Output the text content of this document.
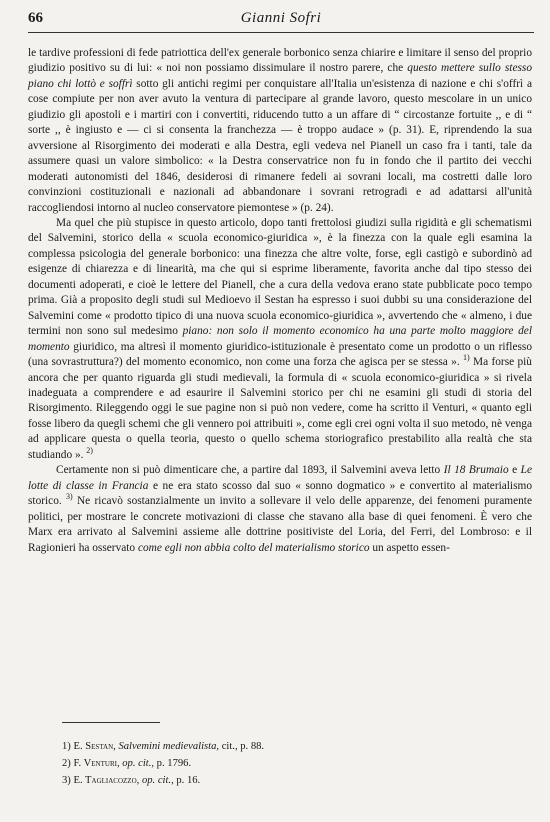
66	Gianni Sofri

le tardive professioni di fede patriottica dell'ex generale borbonico senza chiarire e limitare il senso del proprio giudizio positivo su di lui: « noi non possiamo dissimulare il nostro parere, che questo mettere sullo stesso piano chi lottò e soffrì sotto gli antichi regimi per conquistare all'Italia un'esistenza di nazione e chi s'offrì a cose compiute per non aver avuto la ventura di partecipare al grande lavoro, questo mescolare in un unico giudizio gli apostoli e i martiri con i convertiti, riducendo tutto a un affare di “ circostanze fortuite ,, e di “ sorte ,, è ingiusto e — ci si consenta la franchezza — è troppo audace » (p. 31). E, riprendendo la sua avversione al Risorgimento dei moderati e alla Destra, egli vedeva nel Pianell un caso fra i tanti, tale da assumere quasi un valore simbolico: « la Destra conservatrice non fu in fondo che il partito dei vecchi moderati autonomisti del 1846, desiderosi di rimanere fedeli ai sovrani locali, ma costretti dalle loro convinzioni costituzionali e nazionali ad abbandonare i sovrani retrogradi e ad adattarsi all'unità raccogliendosi intorno al nucleo conservatore piemontese » (p. 24).

Ma quel che più stupisce in questo articolo, dopo tanti frettolosi giudizi sulla rigidità e gli schematismi del Salvemini, storico della « scuola economico-giuridica », è la finezza con la quale egli esamina la complessa psicologia del generale borbonico: una finezza che altre volte, forse, egli castigò e subordinò ad esigenze di chiarezza e di linearità, ma che qui si esprime liberamente, favorita anche dal tipo stesso dei documenti adoperati, e cioè le lettere del Pianell, che a cura della vedova erano state pubblicate poco tempo prima. Già a proposito degli studi sul Medioevo il Sestan ha espresso i suoi dubbi su una considerazione del Salvemini come « prodotto tipico di una nuova scuola economico-giuridica », avvertendo che « almeno, i due termini non sono sul medesimo piano: non solo il momento economico ha una parte molto maggiore del momento giuridico, ma altresì il momento giuridico-istituzionale è presentato come un prodotto o un riflesso (una sovrastruttura?) del momento economico, non come una forza che agisca per se stessa ». $^{1)}$ Ma forse più ancora che per quanto riguarda gli studi medievali, la formula di « scuola economico-giuridica » si rivela inadeguata a comprendere e ad esaurire il Salvemini storico per chi ne esamini gli studi di storia del Risorgimento. Rileggendo oggi le sue pagine non si può non vedere, come ha scritto il Venturi, « quanto egli fosse libero da quegli schemi che gli vennero poi attribuiti », come egli crei ogni volta il suo metodo, nè venga ad applicare questa o quella teoria, questo o quello schema storiografico prestabilito alla realtà che sta studiando ». $^{2)}$

Certamente non si può dimenticare che, a partire dal 1893, il Salvemini aveva letto Il 18 Brumaio e Le lotte di classe in Francia e ne era stato scosso dal suo « sonno dogmatico » e convertito al materialismo storico. $^{3)}$ Ne ricavò sostanzialmente un invito a sollevare il velo delle apparenze, dei fenomeni puramente politici, per mostrare le concrete motivazioni di classe che stavano alla base di quei fenomeni. È vero che Marx era arrivato al Salvemini assieme alle dottrine positiviste del Loria, del Ferri, del Lombroso: e il Ragionieri ha osservato come egli non abbia colto del materialismo storico un aspetto essen-

1) E. Sestan, Salvemini medievalista, cit., p. 88.
2) F. Venturi, op. cit., p. 1796.
3) E. Tagliacozzo, op. cit., p. 16.
